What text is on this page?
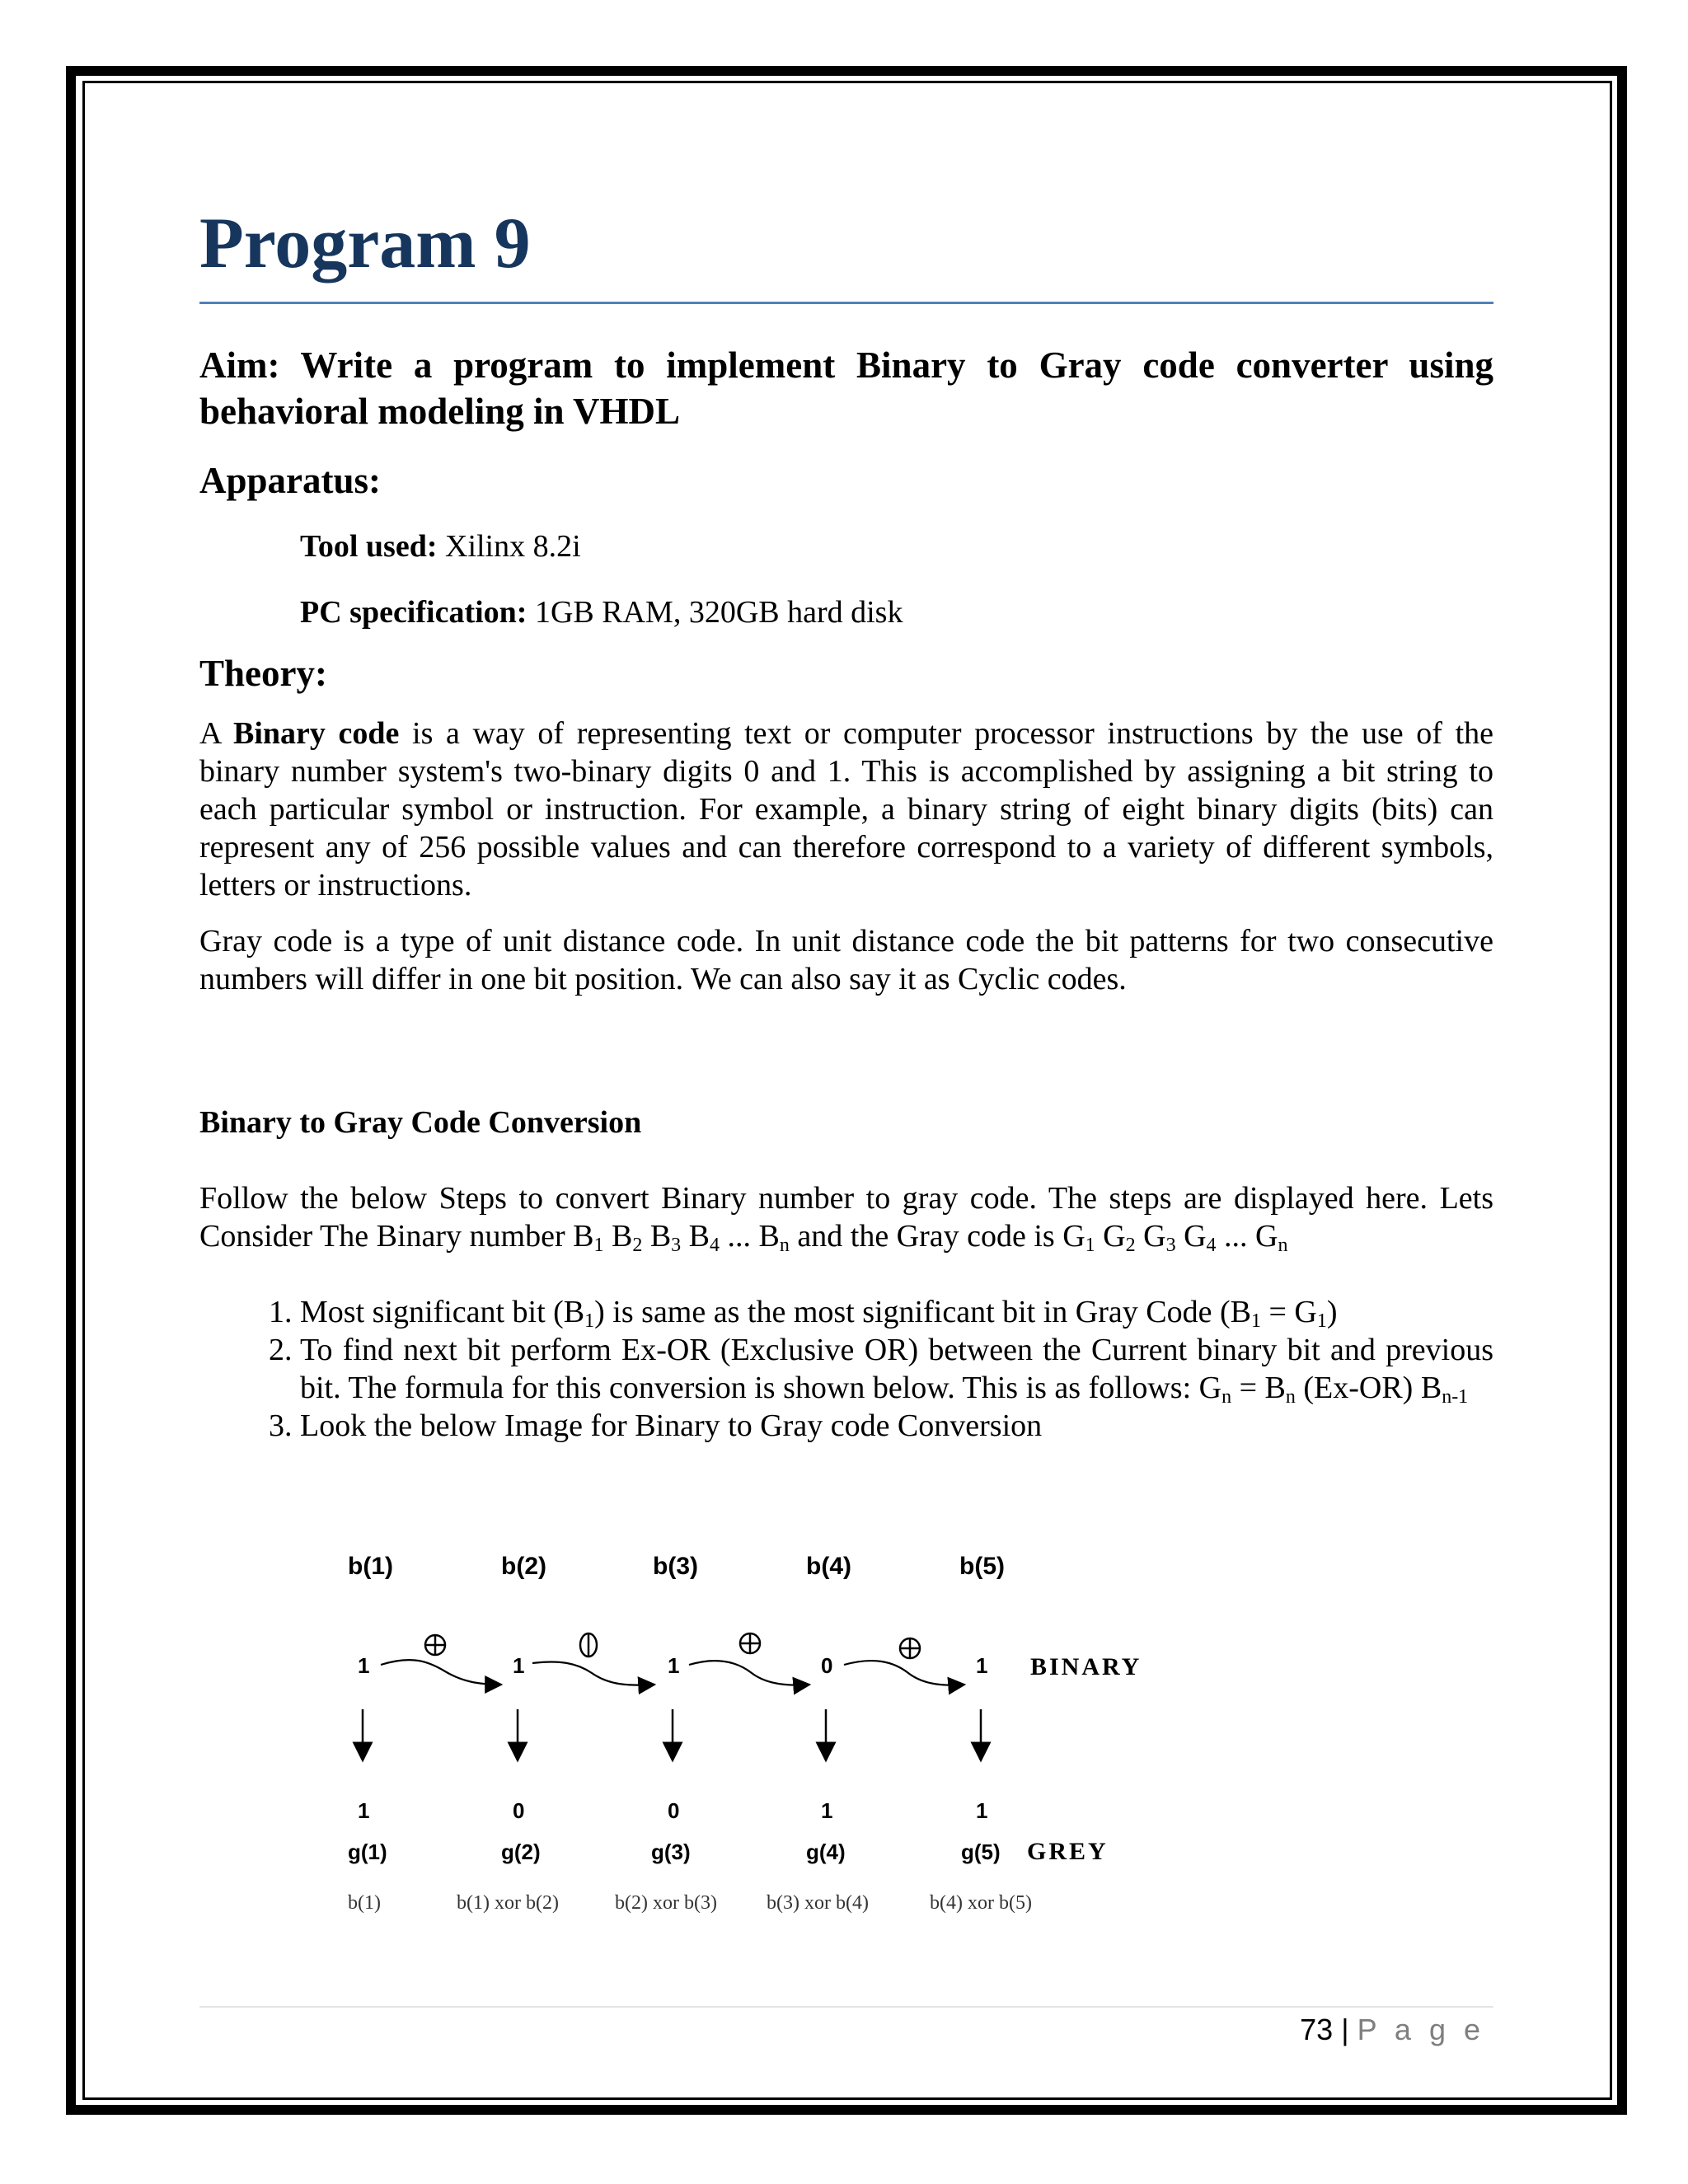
Program 9
Aim: Write a program to implement Binary to Gray code converter using behavioral modeling in VHDL
Apparatus:
Tool used: Xilinx 8.2i
PC specification: 1GB RAM, 320GB hard disk
Theory:
A Binary code is a way of representing text or computer processor instructions by the use of the binary number system's two-binary digits 0 and 1. This is accomplished by assigning a bit string to each particular symbol or instruction. For example, a binary string of eight binary digits (bits) can represent any of 256 possible values and can therefore correspond to a variety of different symbols, letters or instructions.
Gray code is a type of unit distance code. In unit distance code the bit patterns for two consecutive numbers will differ in one bit position. We can also say it as Cyclic codes.
Binary to Gray Code Conversion
Follow the below Steps to convert Binary number to gray code. The steps are displayed here. Lets Consider The Binary number $B_1$ $B_2$ $B_3$ $B_4$ ... $B_n$ and the Gray code is $G_1$ $G_2$ $G_3$ $G_4$ ... $G_n$
1. Most significant bit $(B_1)$ is same as the most significant bit in Gray Code $(B_1 = G_1)$
2. To find next bit perform Ex-OR (Exclusive OR) between the Current binary bit and previous bit. The formula for this conversion is shown below. This is as follows: $G_n = B_n$ (Ex-OR) $B_{n-1}$
3. Look the below Image for Binary to Gray code Conversion
b(1)	b(2)	b(3)	b(4)	b(5)
1	1	1	0	1 BINARY
1	0	0	1	1
g(1)	g(2)	g(3)	g(4)	g(5) GREY
b(1)	b(1) xor b(2)	b(2) xor b(3)	b(3) xor b(4)	b(4) xor b(5)
73 | P a g e
